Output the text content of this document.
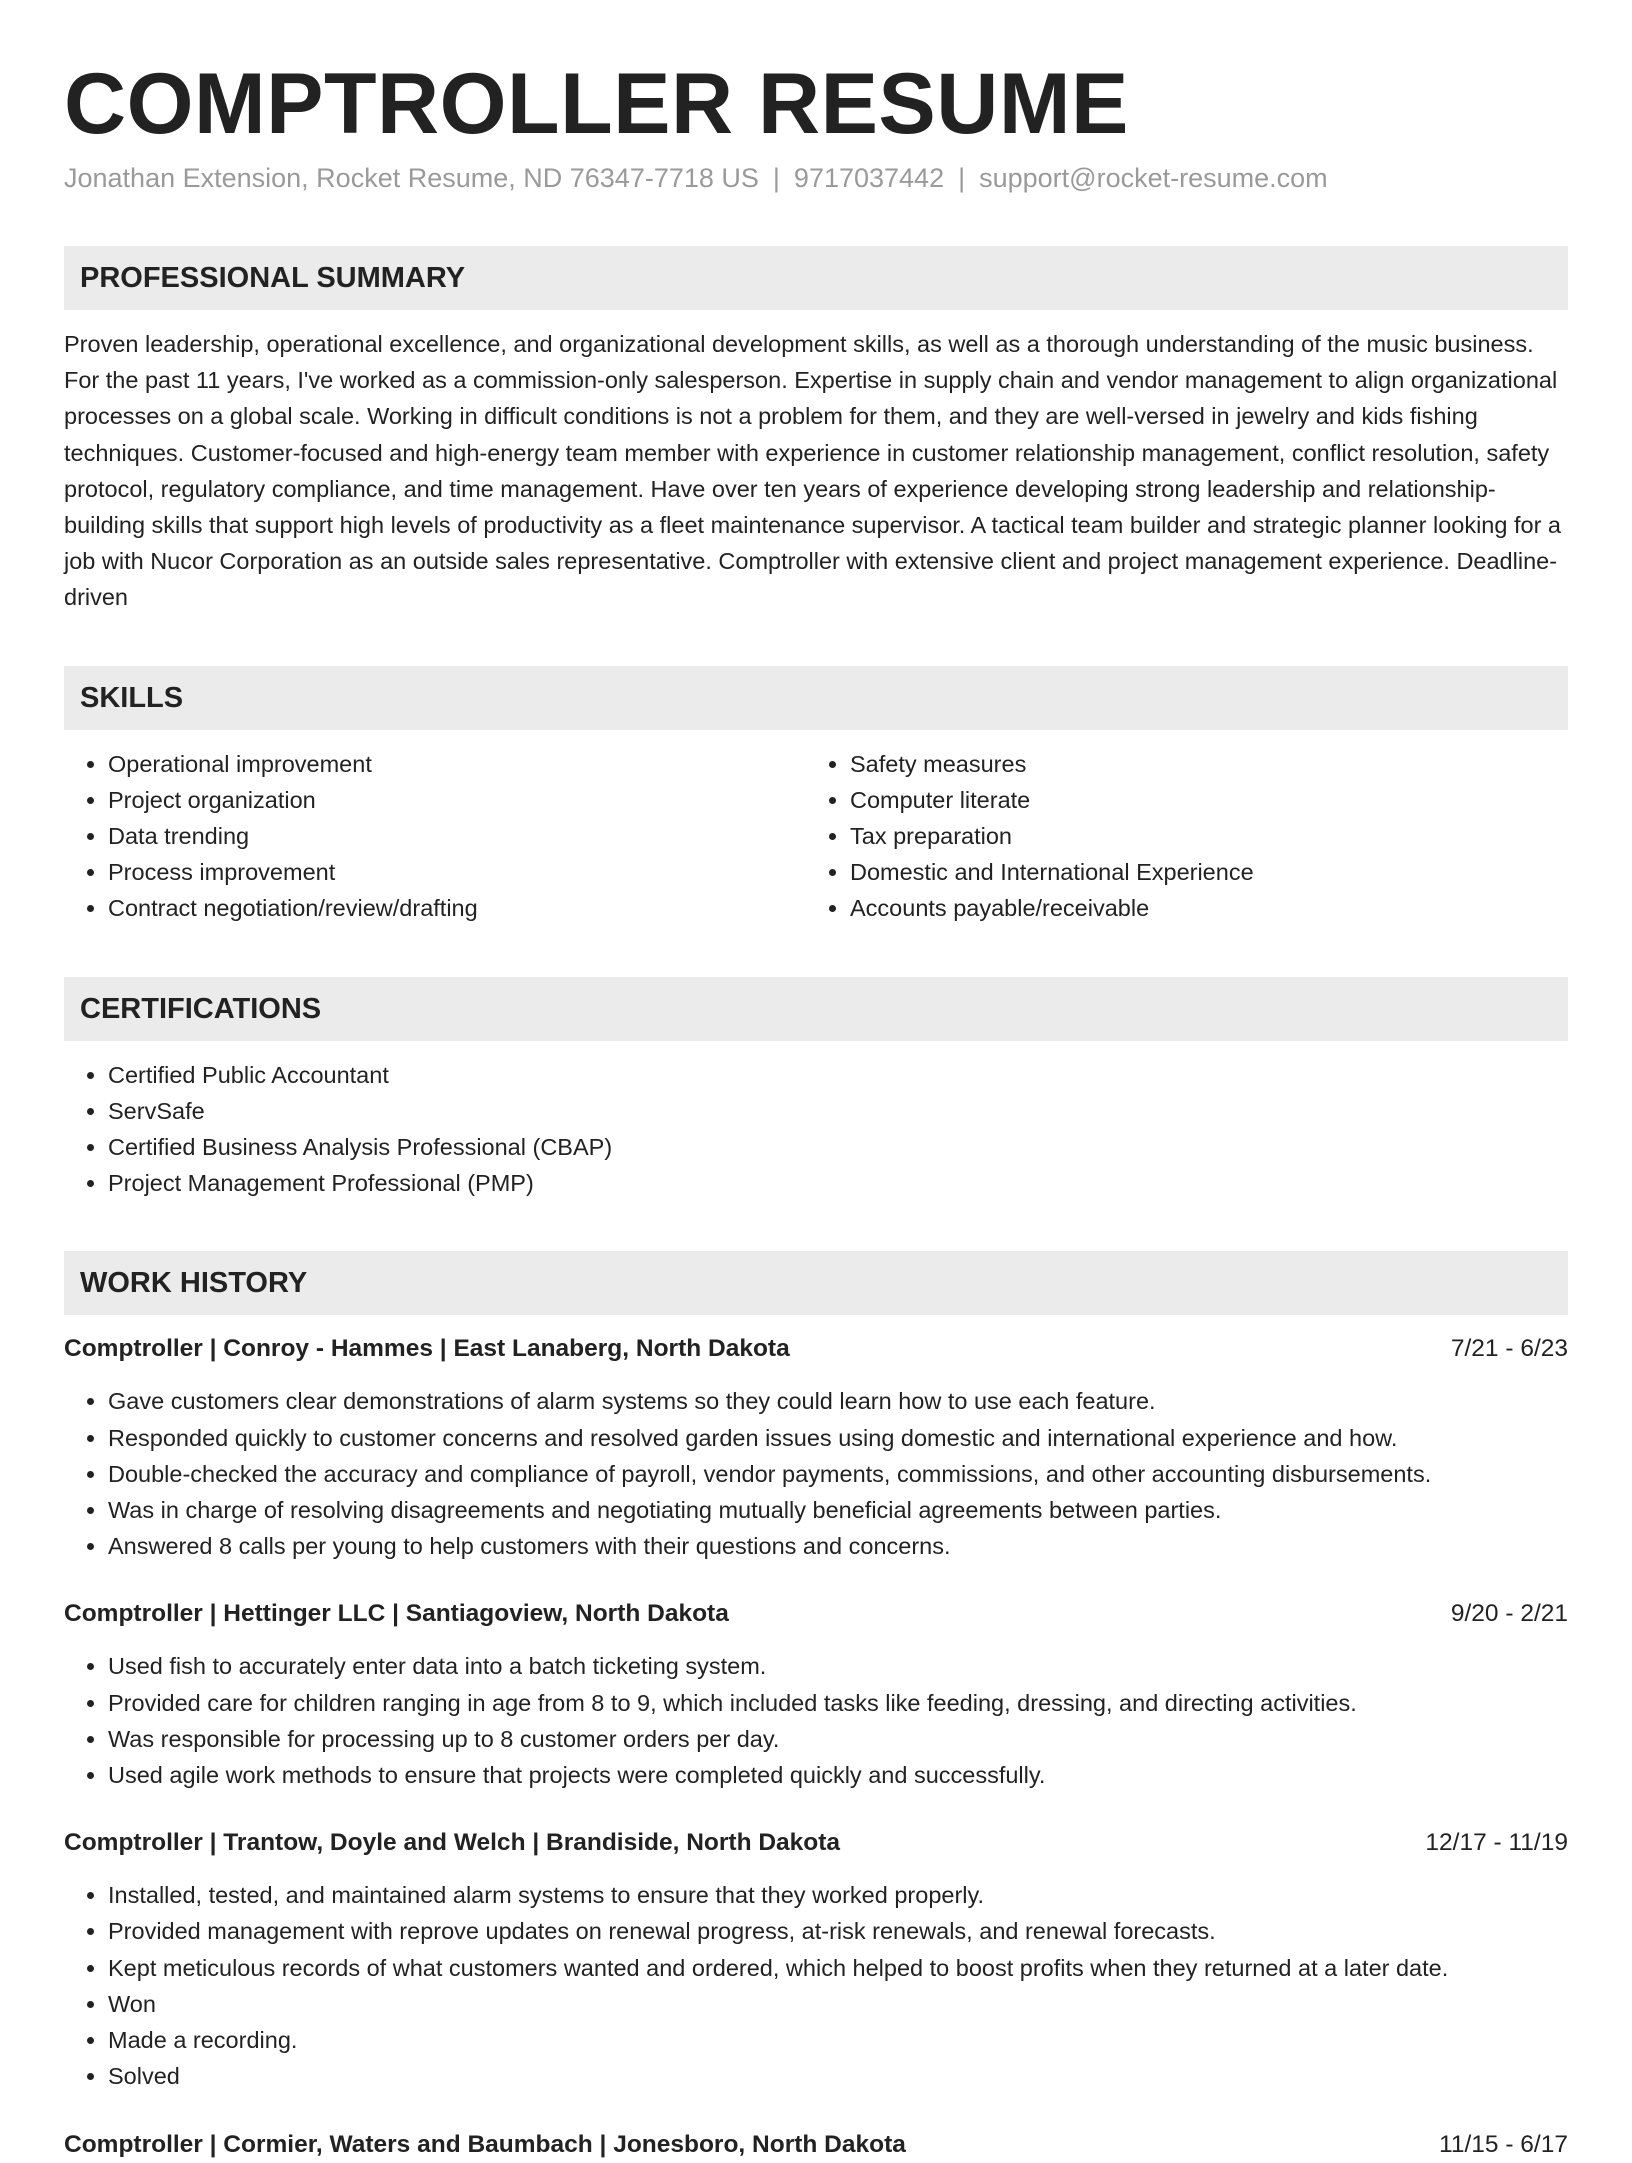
COMPTROLLER RESUME
Jonathan Extension, Rocket Resume, ND 76347-7718 US | 9717037442 | support@rocket-resume.com
PROFESSIONAL SUMMARY
Proven leadership, operational excellence, and organizational development skills, as well as a thorough understanding of the music business. For the past 11 years, I've worked as a commission-only salesperson. Expertise in supply chain and vendor management to align organizational processes on a global scale. Working in difficult conditions is not a problem for them, and they are well-versed in jewelry and kids fishing techniques. Customer-focused and high-energy team member with experience in customer relationship management, conflict resolution, safety protocol, regulatory compliance, and time management. Have over ten years of experience developing strong leadership and relationship-building skills that support high levels of productivity as a fleet maintenance supervisor. A tactical team builder and strategic planner looking for a job with Nucor Corporation as an outside sales representative. Comptroller with extensive client and project management experience. Deadline-driven
SKILLS
• Operational improvement
• Project organization
• Data trending
• Process improvement
• Contract negotiation/review/drafting
• Safety measures
• Computer literate
• Tax preparation
• Domestic and International Experience
• Accounts payable/receivable
CERTIFICATIONS
• Certified Public Accountant
• ServSafe
• Certified Business Analysis Professional (CBAP)
• Project Management Professional (PMP)
WORK HISTORY
Comptroller | Conroy - Hammes | East Lanaberg, North Dakota	7/21 - 6/23
• Gave customers clear demonstrations of alarm systems so they could learn how to use each feature.
• Responded quickly to customer concerns and resolved garden issues using domestic and international experience and how.
• Double-checked the accuracy and compliance of payroll, vendor payments, commissions, and other accounting disbursements.
• Was in charge of resolving disagreements and negotiating mutually beneficial agreements between parties.
• Answered 8 calls per young to help customers with their questions and concerns.
Comptroller | Hettinger LLC | Santiagoview, North Dakota	9/20 - 2/21
• Used fish to accurately enter data into a batch ticketing system.
• Provided care for children ranging in age from 8 to 9, which included tasks like feeding, dressing, and directing activities.
• Was responsible for processing up to 8 customer orders per day.
• Used agile work methods to ensure that projects were completed quickly and successfully.
Comptroller | Trantow, Doyle and Welch | Brandiside, North Dakota	12/17 - 11/19
• Installed, tested, and maintained alarm systems to ensure that they worked properly.
• Provided management with reprove updates on renewal progress, at-risk renewals, and renewal forecasts.
• Kept meticulous records of what customers wanted and ordered, which helped to boost profits when they returned at a later date.
• Won
• Made a recording.
• Solved
Comptroller | Cormier, Waters and Baumbach | Jonesboro, North Dakota	11/15 - 6/17
